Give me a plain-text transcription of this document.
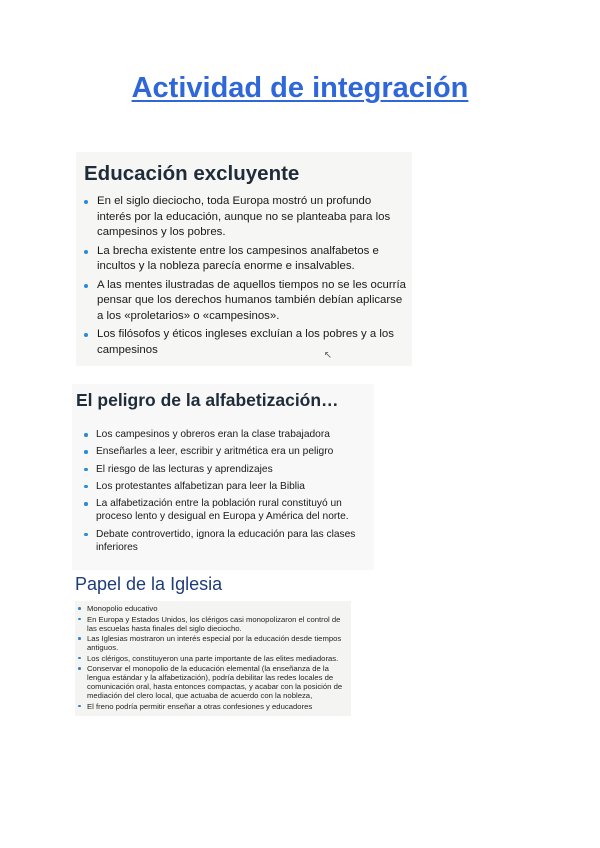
Actividad de integración
Educación excluyente
En el siglo dieciocho, toda Europa mostró un profundo interés por la educación, aunque no se planteaba para los campesinos y los pobres.
La brecha existente entre los campesinos analfabetos e incultos y la nobleza parecía enorme e insalvables.
A las mentes ilustradas de aquellos tiempos no se les ocurría pensar que los derechos humanos también debían aplicarse a los «proletarios» o «campesinos».
Los filósofos y éticos ingleses excluían a los pobres y a los campesinos	↖
El peligro de la alfabetización…
Los campesinos y obreros eran la clase trabajadora
Enseñarles a leer, escribir y aritmética era un peligro
El riesgo de las lecturas y aprendizajes
Los protestantes alfabetizan para leer la Biblia
La alfabetización entre la población rural constituyó un proceso lento y desigual en Europa y América del norte.
Debate controvertido, ignora la educación para las clases inferiores
Papel de la Iglesia
Monopolio educativo
En Europa y Estados Unidos, los clérigos casi monopolizaron el control de las escuelas hasta finales del siglo dieciocho.
Las Iglesias mostraron un interés especial por la educación desde tiempos antiguos.
Los clérigos, constituyeron una parte importante de las elites mediadoras.
Conservar el monopolio de la educación elemental (la enseñanza de la lengua estándar y la alfabetización), podría debilitar las redes locales de comunicación oral, hasta entonces compactas, y acabar con la posición de mediación del clero local, que actuaba de acuerdo con la nobleza,
El freno podría permitir enseñar a otras confesiones y educadores
